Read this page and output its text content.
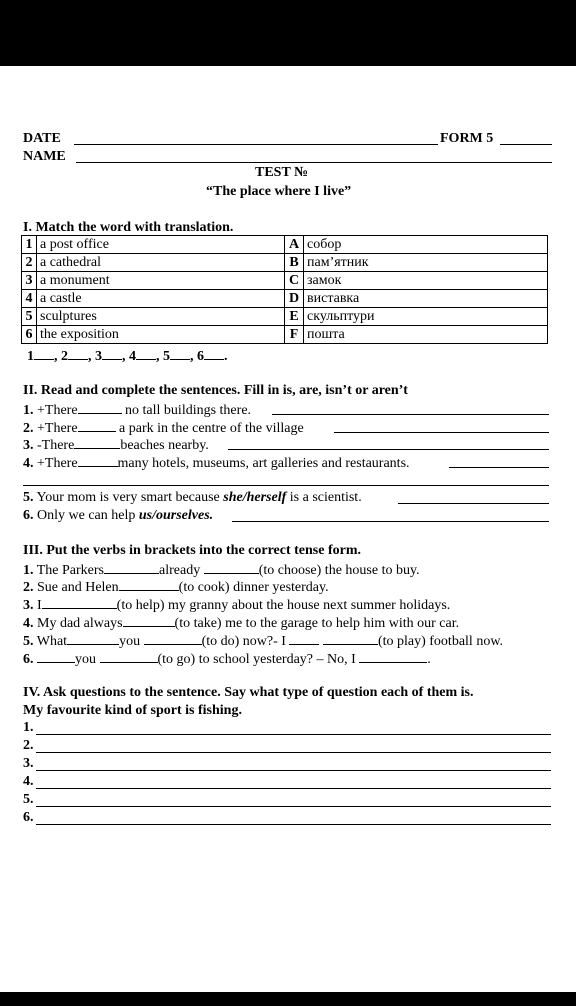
DATE	FORM 5
NAME
TEST №
“The place where I live”
I. Match the word with translation.
1	a post office	A	собор
2	a cathedral	B	пам’ятник
3	a monument	C	замок
4	a castle	D	виставка
5	sculptures	E	скульптури
6	the exposition	F	пошта
1 , 2 , 3 , 4 , 5 , 6 .
II. Read and complete the sentences. Fill in is, are, isn’t or aren’t
1. +There	no tall buildings there.
2. +There	a park in the centre of the village
3. -There	beaches nearby.
4. +There	many hotels, museums, art galleries and restaurants.
5. Your mom is very smart because she/herself is a scientist.
6. Only we can help us/ourselves.
III. Put the verbs in brackets into the correct tense form.
1. The Parkers	already	(to choose) the house to buy.
2. Sue and Helen	(to cook) dinner yesterday.
3. I	(to help) my granny about the house next summer holidays.
4. My dad always	(to take) me to the garage to help him with our car.
5. What	you	(to do) now?- I	(to play) football now.
6.	you	(to go) to school yesterday? – No, I	.
IV. Ask questions to the sentence. Say what type of question each of them is.
My favourite kind of sport is fishing.
1.
2.
3.
4.
5.
6.
